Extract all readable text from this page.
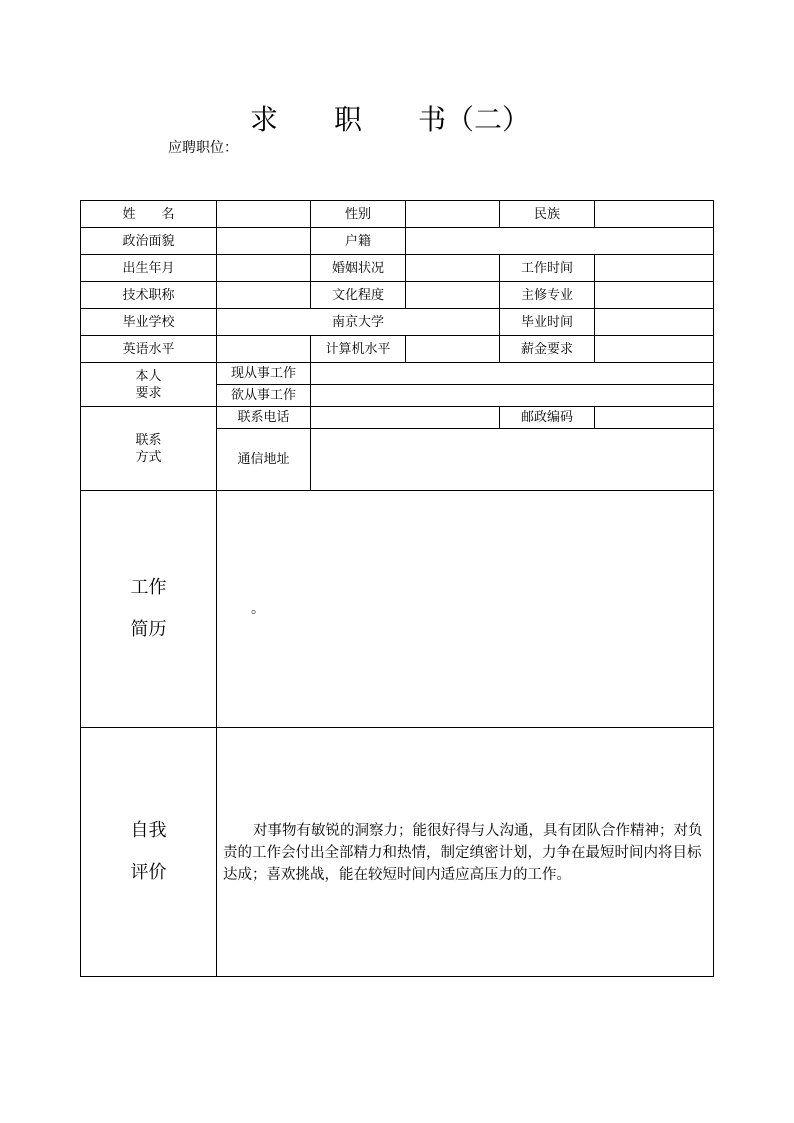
求　　职　　书（二）
应聘职位：
姓　　名		性别		民族	
政治面貌		户籍			
出生年月		婚姻状况		工作时间	
技术职称		文化程度		主修专业	
毕业学校	南京大学			毕业时间	
英语水平		计算机水平		薪金要求	

本人
要求	现从事工作				
	欲从事工作				

联系
方式	联系电话			邮政编码	
	通信地址				

工作
简历	。				

自我
评价	对事物有敏锐的洞察力；能很好得与人沟通，具有团队合作精神；对负责的工作会付出全部精力和热情，制定缜密计划，力争在最短时间内将目标达成；喜欢挑战，能在较短时间内适应高压力的工作。				
